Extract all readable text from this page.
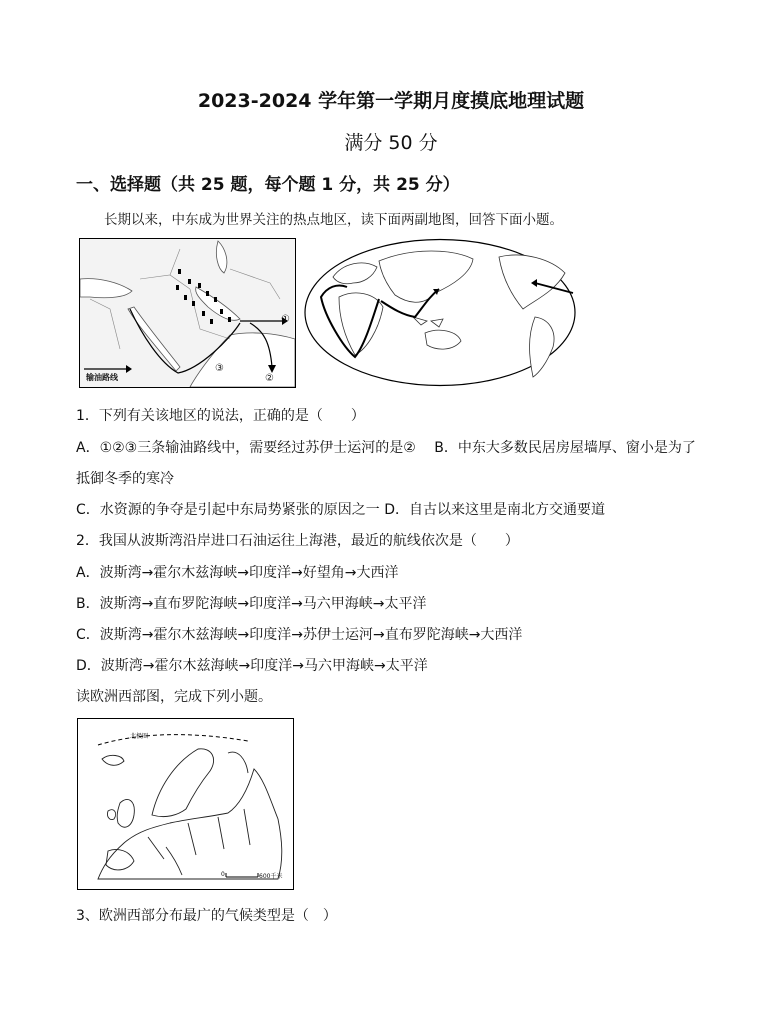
2023-2024 学年第一学期月度摸底地理试题
满分 50 分
一、选择题（共 25 题，每个题 1 分，共 25 分）
长期以来，中东成为世界关注的热点地区，读下面两副地图，回答下面小题。
输油路线
①
②
③
1．下列有关该地区的说法，正确的是（　　）
A．①②③三条输油路线中，需要经过苏伊士运河的是②　 B．中东大多数民居房屋墙厚、窗小是为了
抵御冬季的寒冷
C．水资源的争夺是引起中东局势紧张的原因之一 D．自古以来这里是南北方交通要道
2．我国从波斯湾沿岸进口石油运往上海港，最近的航线依次是（　　）
A．波斯湾→霍尔木兹海峡→印度洋→好望角→大西洋
B．波斯湾→直布罗陀海峡→印度洋→马六甲海峡→太平洋
C．波斯湾→霍尔木兹海峡→印度洋→苏伊士运河→直布罗陀海峡→大西洋
D．波斯湾→霍尔木兹海峡→印度洋→马六甲海峡→太平洋
读欧洲西部图，完成下列小题。
北极圈
0	600千米
3、欧洲西部分布最广的气候类型是（　）
